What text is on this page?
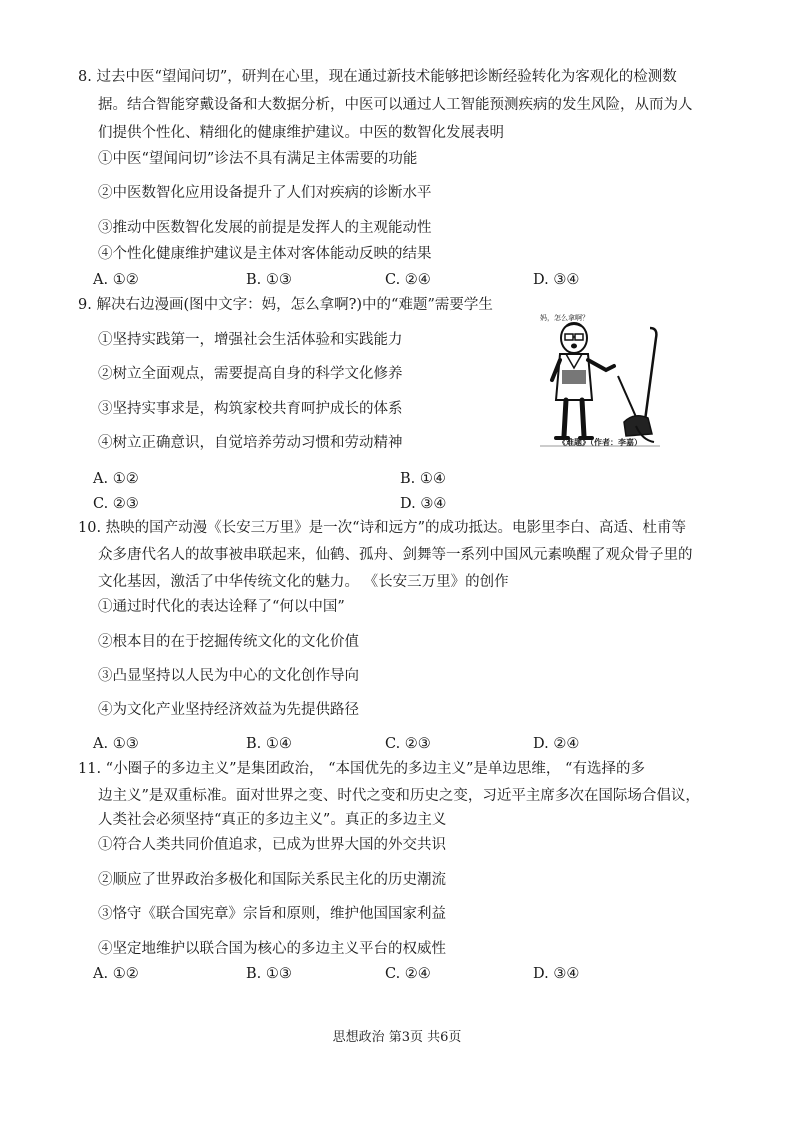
8. 过去中医“望闻问切”，研判在心里，现在通过新技术能够把诊断经验转化为客观化的检测数
据。结合智能穿戴设备和大数据分析，中医可以通过人工智能预测疾病的发生风险，从而为人
们提供个性化、精细化的健康维护建议。中医的数智化发展表明
①中医“望闻问切”诊法不具有满足主体需要的功能
②中医数智化应用设备提升了人们对疾病的诊断水平
③推动中医数智化发展的前提是发挥人的主观能动性
④个性化健康维护建议是主体对客体能动反映的结果
A. ①②	B. ①③	C. ②④	D. ③④
9. 解决右边漫画(图中文字：妈，怎么拿啊?)中的“难题”需要学生
①坚持实践第一，增强社会生活体验和实践能力
②树立全面观点，需要提高自身的科学文化修养
③坚持实事求是，构筑家校共育呵护成长的体系
④树立正确意识，自觉培养劳动习惯和劳动精神
A. ①②	B. ①④
C. ②③	D. ③④
妈，怎么拿啊？
《难题》（作者：李嘉）
10. 热映的国产动漫《长安三万里》是一次“诗和远方”的成功抵达。电影里李白、高适、杜甫等
众多唐代名人的故事被串联起来，仙鹤、孤舟、剑舞等一系列中国风元素唤醒了观众骨子里的
文化基因，激活了中华传统文化的魅力。 《长安三万里》的创作
①通过时代化的表达诠释了“何以中国”
②根本目的在于挖掘传统文化的文化价值
③凸显坚持以人民为中心的文化创作导向
④为文化产业坚持经济效益为先提供路径
A. ①③	B. ①④	C. ②③	D. ②④
11. “小圈子的多边主义”是集团政治， “本国优先的多边主义”是单边思维， “有选择的多
边主义”是双重标准。面对世界之变、时代之变和历史之变，习近平主席多次在国际场合倡议，
人类社会必须坚持“真正的多边主义”。真正的多边主义
①符合人类共同价值追求，已成为世界大国的外交共识
②顺应了世界政治多极化和国际关系民主化的历史潮流
③恪守《联合国宪章》宗旨和原则，维护他国国家利益
④坚定地维护以联合国为核心的多边主义平台的权威性
A. ①②	B. ①③	C. ②④	D. ③④
思想政治 第3页 共6页
